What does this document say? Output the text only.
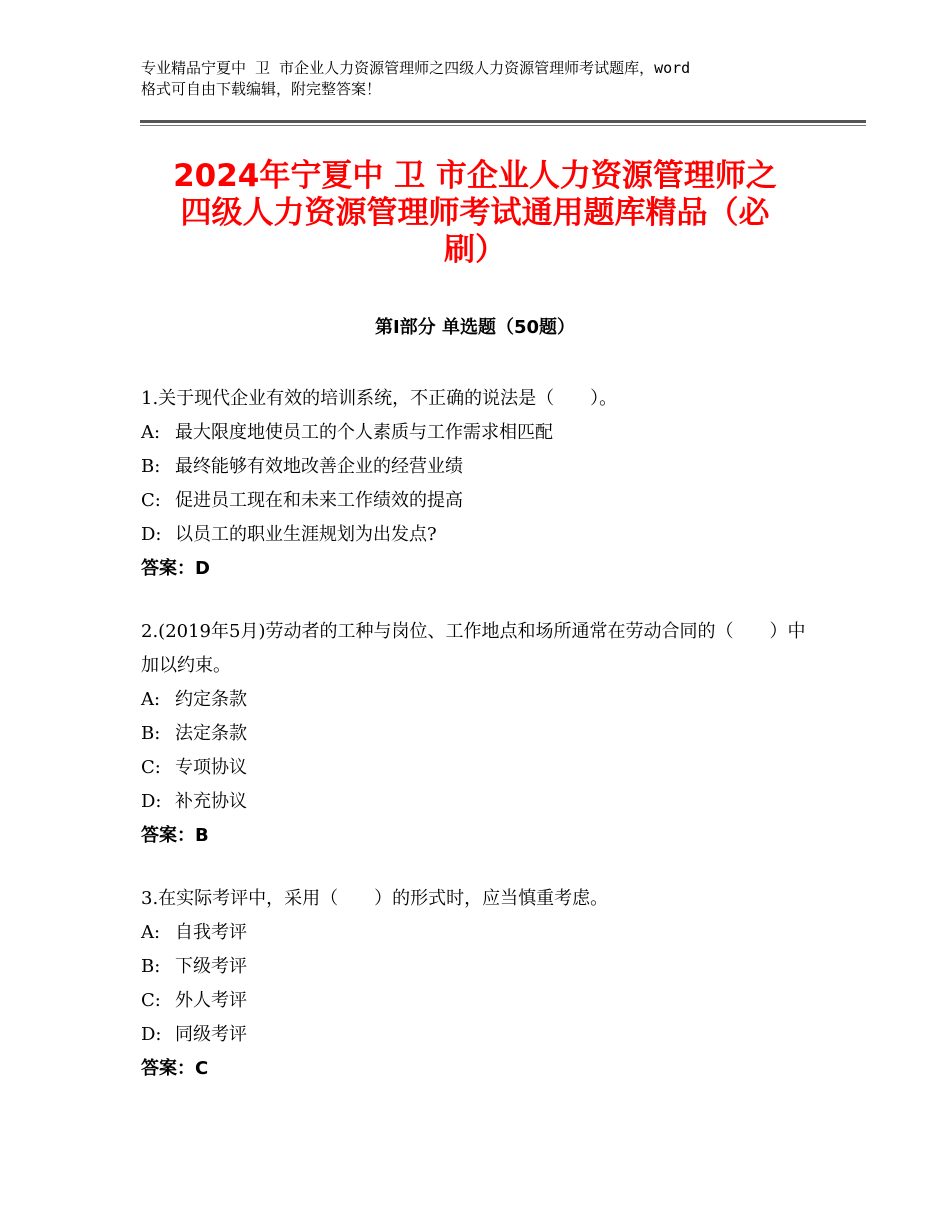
专业精品宁夏中 卫 市企业人力资源管理师之四级人力资源管理师考试题库，word
格式可自由下载编辑，附完整答案！
2024年宁夏中 卫 市企业人力资源管理师之
四级人力资源管理师考试通用题库精品（必
刷）
第Ⅰ部分 单选题（50题）

1.关于现代企业有效的培训系统，不正确的说法是（　　）。

A: 最大限度地使员工的个人素质与工作需求相匹配

B: 最终能够有效地改善企业的经营业绩

C: 促进员工现在和未来工作绩效的提高

D: 以员工的职业生涯规划为出发点?

答案：D

2.(2019年5月)劳动者的工种与岗位、工作地点和场所通常在劳动合同的（　　）中加以约束。

A: 约定条款

B: 法定条款

C: 专项协议

D: 补充协议

答案：B

3.在实际考评中，采用（　　）的形式时，应当慎重考虑。

A: 自我考评

B: 下级考评

C: 外人考评

D: 同级考评

答案：C
